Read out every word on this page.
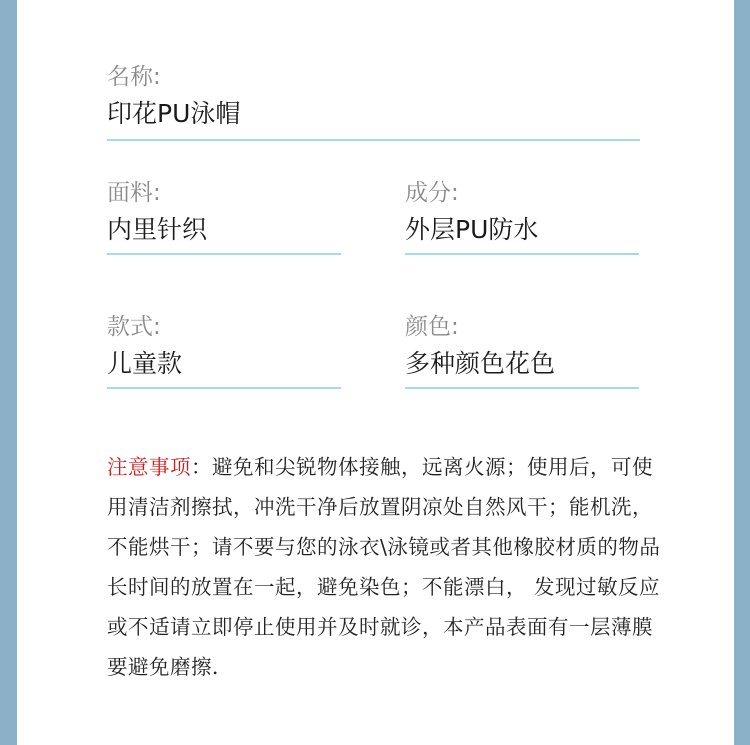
名称:
印花PU泳帽
面料:
内里针织
成分:
外层PU防水
款式:
儿童款
颜色:
多种颜色花色
注意事项：避免和尖锐物体接触，远离火源；使用后，可使用清洁剂擦拭，冲洗干净后放置阴凉处自然风干；能机洗，不能烘干；请不要与您的泳衣\泳镜或者其他橡胶材质的物品长时间的放置在一起，避免染色；不能漂白， 发现过敏反应或不适请立即停止使用并及时就诊，本产品表面有一层薄膜要避免磨擦．
